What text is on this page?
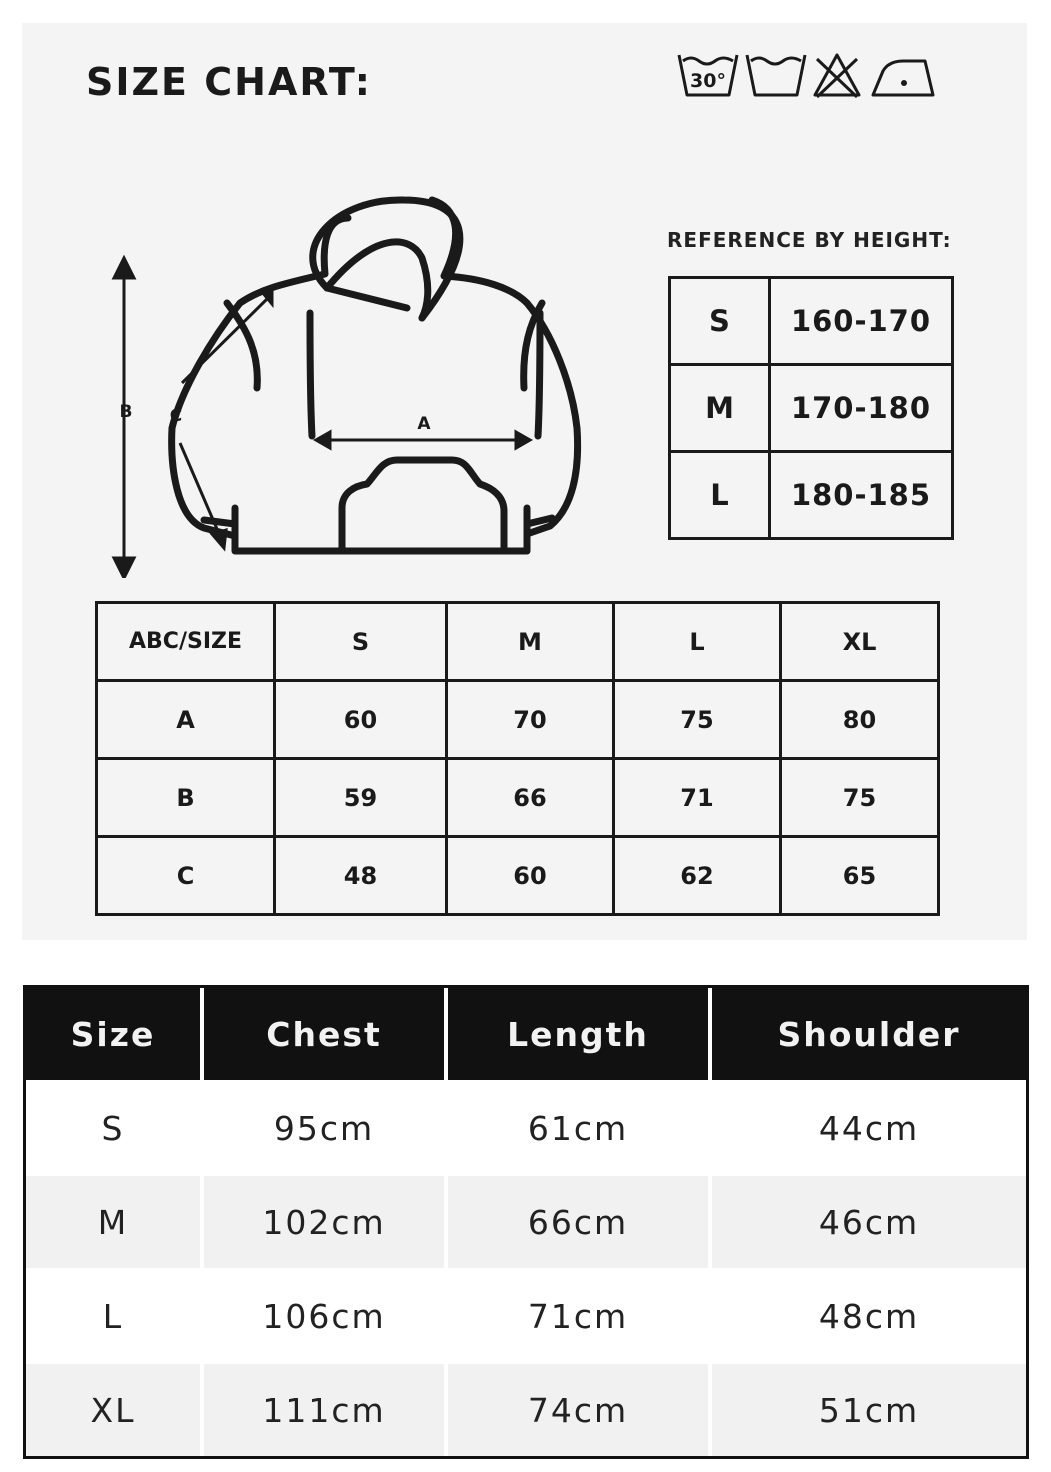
SIZE CHART:	30°
B C	A
REFERENCE BY HEIGHT:
S	160-170
M	170-180
L	180-185
ABC/SIZE	S	M	L	XL
A	60	70	75	80
B	59	66	71	75
C	48	60	62	65
Size	Chest	Length	Shoulder
S	95cm	61cm	44cm
M	102cm	66cm	46cm
L	106cm	71cm	48cm
XL	111cm	74cm	51cm
